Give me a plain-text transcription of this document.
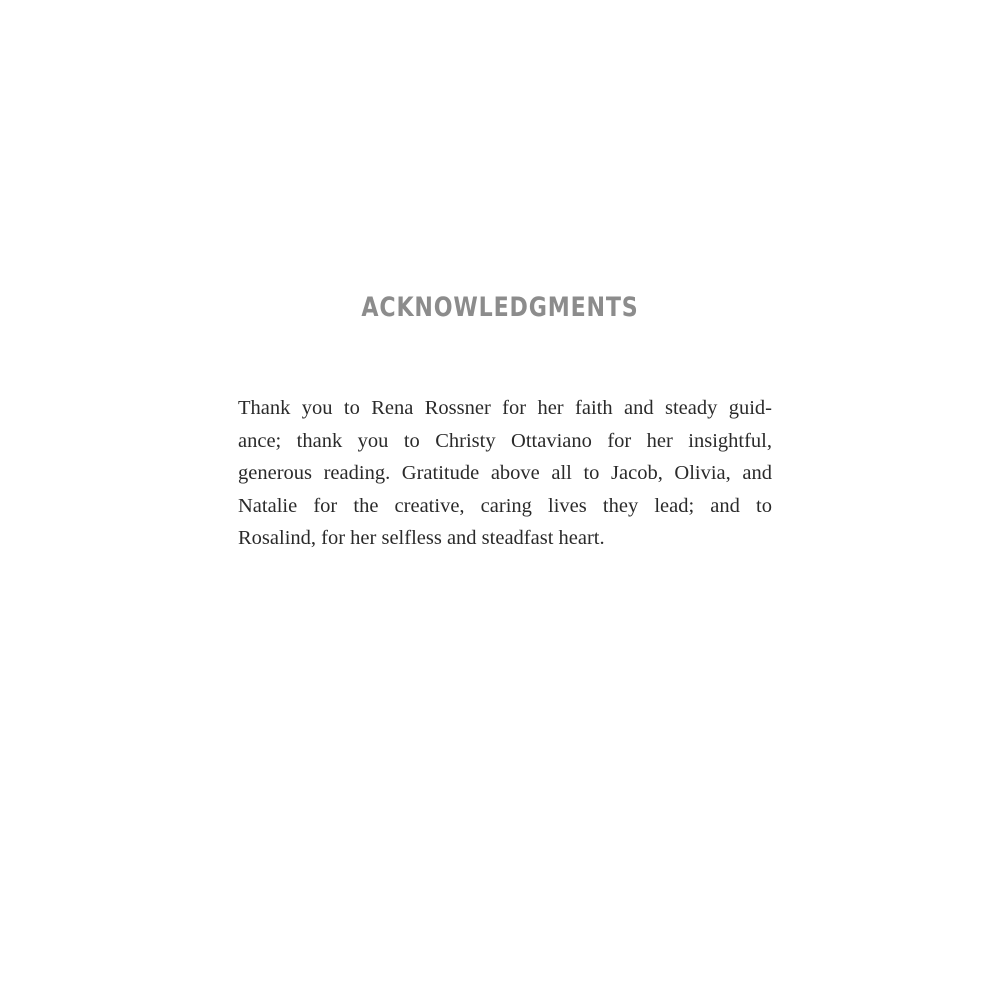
ACKNOWLEDGMENTS

Thank you to Rena Rossner for her faith and steady guid-
ance; thank you to Christy Ottaviano for her insightful,
generous reading. Gratitude above all to Jacob, Olivia, and
Natalie for the creative, caring lives they lead; and to
Rosalind, for her selfless and steadfast heart.
